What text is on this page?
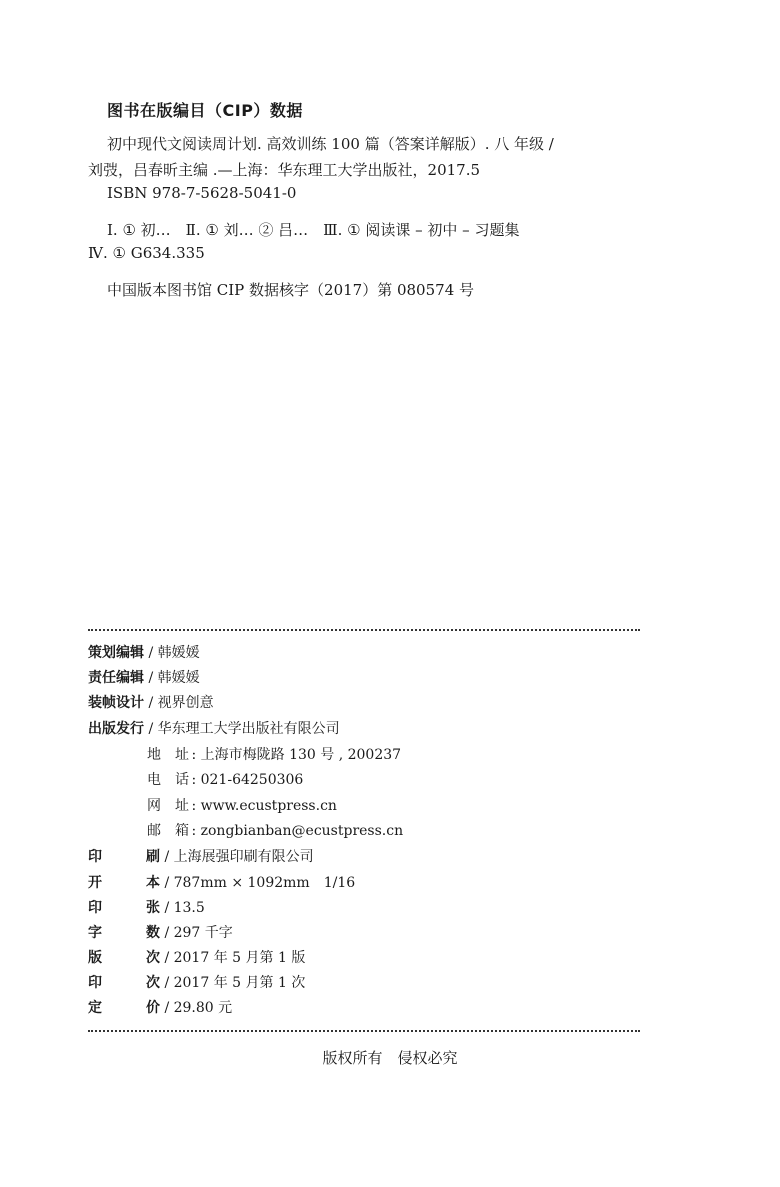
图书在版编目（CIP）数据
初中现代文阅读周计划. 高效训练 100 篇（答案详解版）. 八 年级 /
刘弢，吕春昕主编 .—上海：华东理工大学出版社，2017.5
ISBN 978-7-5628-5041-0
Ⅰ. ① 初…　Ⅱ. ① 刘… ② 吕…　Ⅲ. ① 阅读课 – 初中 – 习题集
Ⅳ. ① G634.335
中国版本图书馆 CIP 数据核字（2017）第 080574 号
策划编辑 / 韩媛媛
责任编辑 / 韩媛媛
装帧设计 / 视界创意
出版发行 / 华东理工大学出版社有限公司
地　址 : 上海市梅陇路 130 号 , 200237
电　话 : 021-64250306
网　址 : www.ecustpress.cn
邮　箱 : zongbianban@ecustpress.cn
印	刷 / 上海展强印刷有限公司
开	本 / 787mm × 1092mm　1/16
印	张 / 13.5
字	数 / 297 千字
版	次 / 2017 年 5 月第 1 版
印	次 / 2017 年 5 月第 1 次
定	价 / 29.80 元
版权所有　侵权必究
